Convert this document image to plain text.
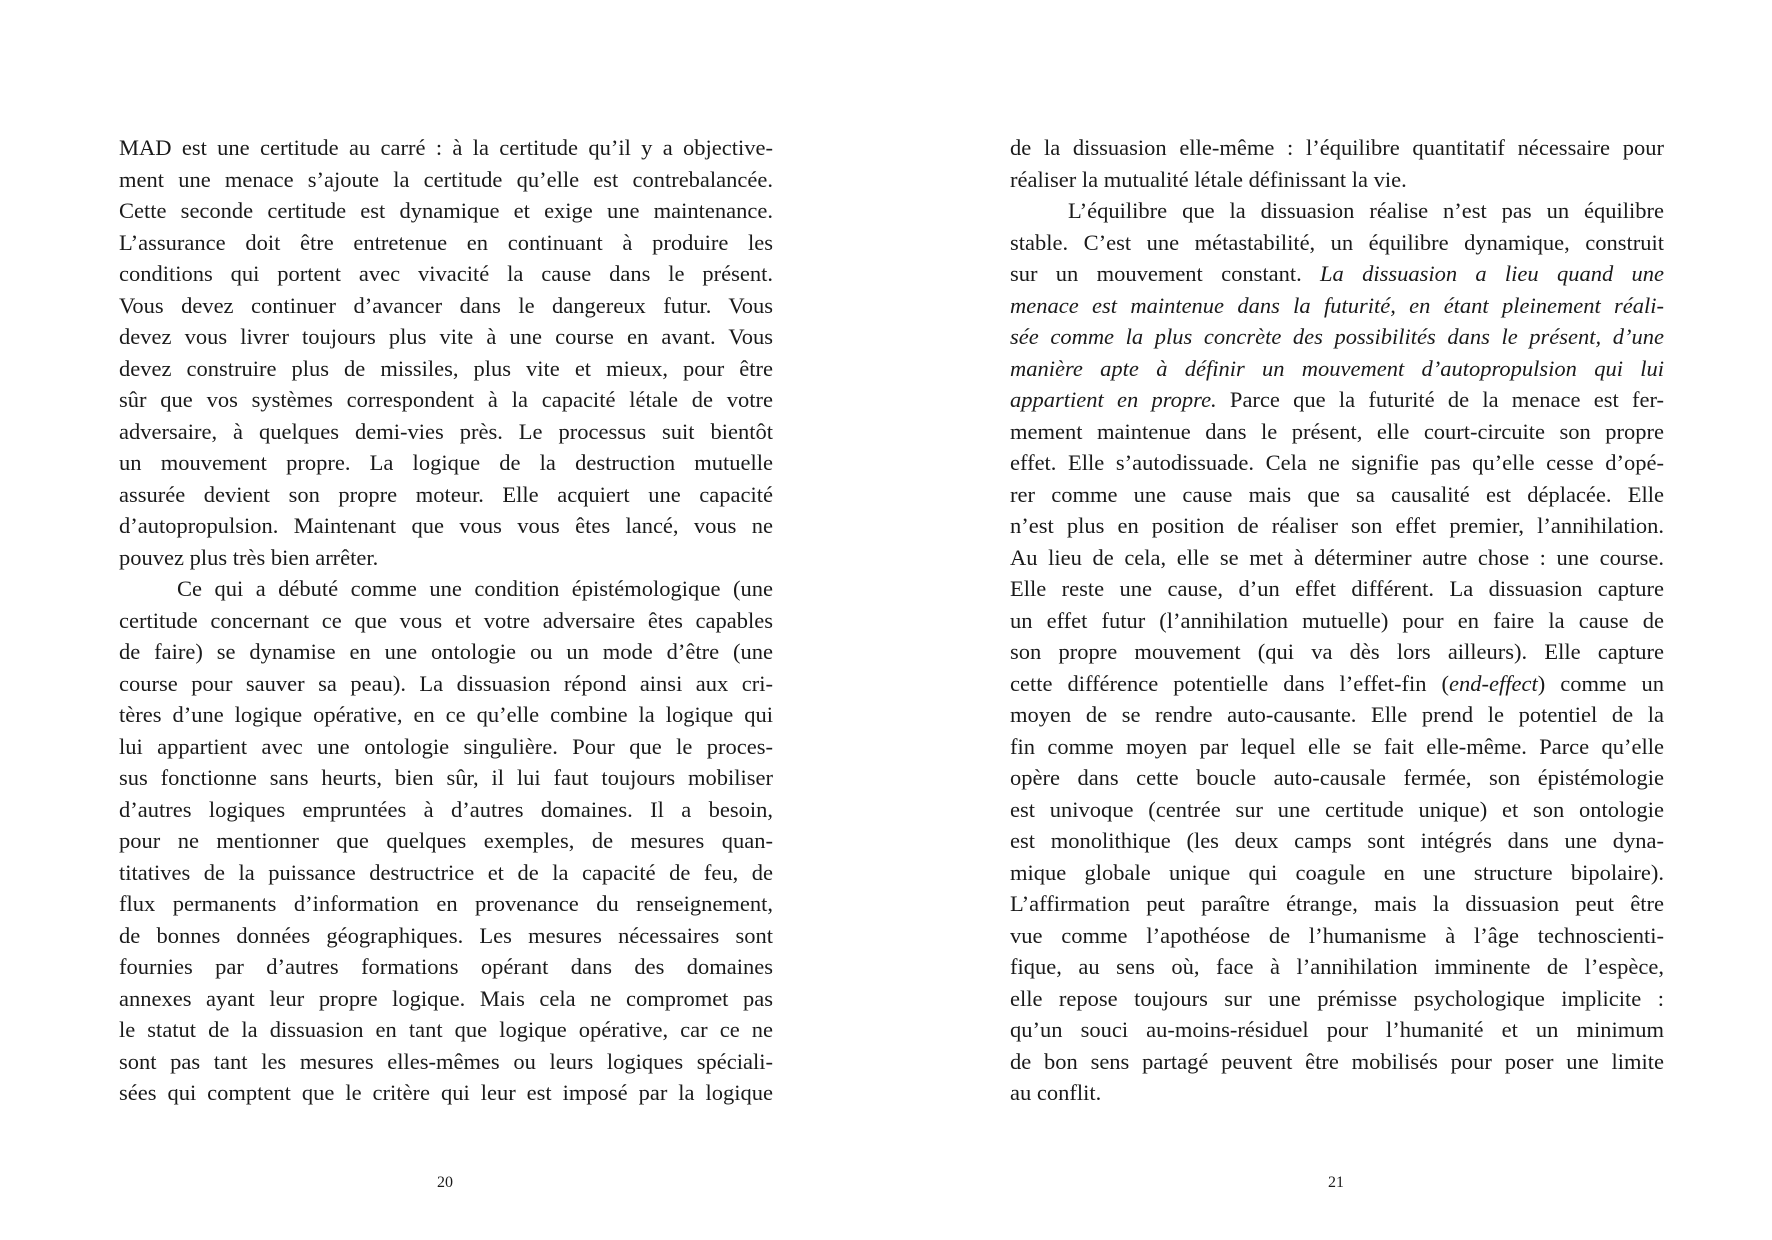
MAD est une certitude au carré : à la certitude qu’il y a objective-
ment une menace s’ajoute la certitude qu’elle est contrebalancée.
Cette seconde certitude est dynamique et exige une maintenance.
L’assurance doit être entretenue en continuant à produire les
conditions qui portent avec vivacité la cause dans le présent.
Vous devez continuer d’avancer dans le dangereux futur. Vous
devez vous livrer toujours plus vite à une course en avant. Vous
devez construire plus de missiles, plus vite et mieux, pour être
sûr que vos systèmes correspondent à la capacité létale de votre
adversaire, à quelques demi-vies près. Le processus suit bientôt
un mouvement propre. La logique de la destruction mutuelle
assurée devient son propre moteur. Elle acquiert une capacité
d’autopropulsion. Maintenant que vous vous êtes lancé, vous ne
pouvez plus très bien arrêter.
Ce qui a débuté comme une condition épistémologique (une
certitude concernant ce que vous et votre adversaire êtes capables
de faire) se dynamise en une ontologie ou un mode d’être (une
course pour sauver sa peau). La dissuasion répond ainsi aux cri-
tères d’une logique opérative, en ce qu’elle combine la logique qui
lui appartient avec une ontologie singulière. Pour que le proces-
sus fonctionne sans heurts, bien sûr, il lui faut toujours mobiliser
d’autres logiques empruntées à d’autres domaines. Il a besoin,
pour ne mentionner que quelques exemples, de mesures quan-
titatives de la puissance destructrice et de la capacité de feu, de
flux permanents d’information en provenance du renseignement,
de bonnes données géographiques. Les mesures nécessaires sont
fournies par d’autres formations opérant dans des domaines
annexes ayant leur propre logique. Mais cela ne compromet pas
le statut de la dissuasion en tant que logique opérative, car ce ne
sont pas tant les mesures elles-mêmes ou leurs logiques spéciali-
sées qui comptent que le critère qui leur est imposé par la logique
20
de la dissuasion elle-même : l’équilibre quantitatif nécessaire pour
réaliser la mutualité létale définissant la vie.
L’équilibre que la dissuasion réalise n’est pas un équilibre
stable. C’est une métastabilité, un équilibre dynamique, construit
sur un mouvement constant. La dissuasion a lieu quand une
menace est maintenue dans la futurité, en étant pleinement réali-
sée comme la plus concrète des possibilités dans le présent, d’une
manière apte à définir un mouvement d’autopropulsion qui lui
appartient en propre. Parce que la futurité de la menace est fer-
mement maintenue dans le présent, elle court-circuite son propre
effet. Elle s’autodissuade. Cela ne signifie pas qu’elle cesse d’opé-
rer comme une cause mais que sa causalité est déplacée. Elle
n’est plus en position de réaliser son effet premier, l’annihilation.
Au lieu de cela, elle se met à déterminer autre chose : une course.
Elle reste une cause, d’un effet différent. La dissuasion capture
un effet futur (l’annihilation mutuelle) pour en faire la cause de
son propre mouvement (qui va dès lors ailleurs). Elle capture
cette différence potentielle dans l’effet-fin (end-effect) comme un
moyen de se rendre auto-causante. Elle prend le potentiel de la
fin comme moyen par lequel elle se fait elle-même. Parce qu’elle
opère dans cette boucle auto-causale fermée, son épistémologie
est univoque (centrée sur une certitude unique) et son ontologie
est monolithique (les deux camps sont intégrés dans une dyna-
mique globale unique qui coagule en une structure bipolaire).
L’affirmation peut paraître étrange, mais la dissuasion peut être
vue comme l’apothéose de l’humanisme à l’âge technoscienti-
fique, au sens où, face à l’annihilation imminente de l’espèce,
elle repose toujours sur une prémisse psychologique implicite :
qu’un souci au-moins-résiduel pour l’humanité et un minimum
de bon sens partagé peuvent être mobilisés pour poser une limite
au conflit.
21
